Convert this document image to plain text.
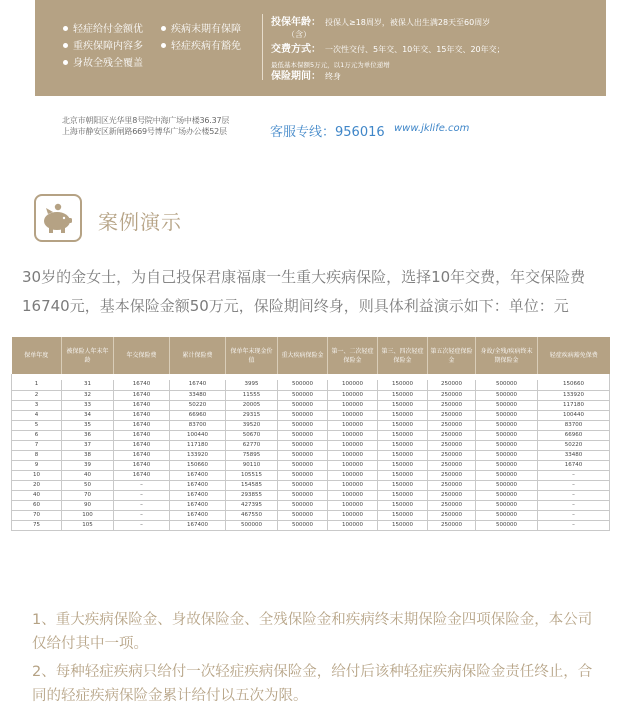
轻症给付金额优
重疾保障内容多
身故全残全覆盖
疾病末期有保障
轻症疾病有豁免
投保年龄： 投保人≥18周岁，被保人出生满28天至60周岁
（含）
交费方式： 一次性交付、5年交、10年交、15年交、20年交；
最低基本保额5万元，以1万元为单位递增
保险期间： 终身
北京市朝阳区光华里8号院中海广场中楼36.37层
上海市静安区新闸路669号博华广场办公楼52层	客服专线：956016 www.jklife.com
案例演示
30岁的金女士，为自己投保君康福康一生重大疾病保险，选择10年交费，年交保险费16740元，基本保险金额50万元，保险期间终身，则具体利益演示如下：单位：元
保单年度	被保险人年末年龄	年交保险费	累计保险费	保单年末现金价值	重大疾病保险金	第一、二次轻症保险金	第三、四次轻症保险金	第五次轻症保险金	身故/全残/疾病终末期保险金	轻症疾病豁免保费

1	31	16740	16740	3995	500000	100000	150000	250000	500000	150660
2	32	16740	33480	11555	500000	100000	150000	250000	500000	133920
3	33	16740	50220	20005	500000	100000	150000	250000	500000	117180
4	34	16740	66960	29315	500000	100000	150000	250000	500000	100440
5	35	16740	83700	39520	500000	100000	150000	250000	500000	83700
6	36	16740	100440	50670	500000	100000	150000	250000	500000	66960
7	37	16740	117180	62770	500000	100000	150000	250000	500000	50220
8	38	16740	133920	75895	500000	100000	150000	250000	500000	33480
9	39	16740	150660	90110	500000	100000	150000	250000	500000	16740
10	40	16740	167400	105515	500000	100000	150000	250000	500000	–
20	50	–	167400	154585	500000	100000	150000	250000	500000	–
40	70	–	167400	293855	500000	100000	150000	250000	500000	–
60	90	–	167400	427395	500000	100000	150000	250000	500000	–
70	100	–	167400	467550	500000	100000	150000	250000	500000	–
75	105	–	167400	500000	500000	100000	150000	250000	500000	–

1、重大疾病保险金、身故保险金、全残保险金和疾病终末期保险金四项保险金，本公司仅给付其中一项。

2、每种轻症疾病只给付一次轻症疾病保险金，给付后该种轻症疾病保险金责任终止，合同的轻症疾病保险金累计给付以五次为限。
